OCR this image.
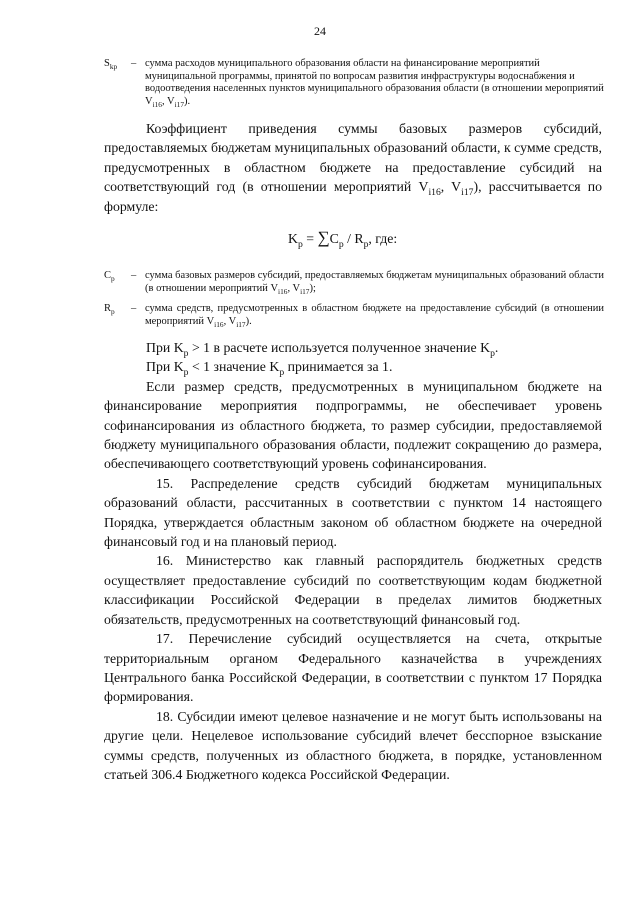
24
$S_{kp}$ – сумма расходов муниципального образования области на финансирование мероприятий муниципальной программы, принятой по вопросам развития инфраструктуры водоснабжения и водоотведения населенных пунктов муниципального образования области (в отношении мероприятий $V_{i16}$, $V_{i17}$).

Коэффициент приведения суммы базовых размеров субсидий, предоставляемых бюджетам муниципальных образований области, к сумме средств, предусмотренных в областном бюджете на предоставление субсидий на соответствующий год (в отношении мероприятий $V_{i16}$, $V_{i17}$), рассчитывается по формуле:

$K_p = \sum C_p / R_p$, где:
$C_p$ – сумма базовых размеров субсидий, предоставляемых бюджетам муниципальных образований области (в отношении мероприятий $V_{i16}$, $V_{i17}$);
$R_p$ – сумма средств, предусмотренных в областном бюджете на предоставление субсидий (в отношении мероприятий $V_{i16}$, $V_{i17}$).

При $K_p > 1$ в расчете используется полученное значение $K_p$.

При $K_p < 1$ значение $K_p$ принимается за 1.

Если размер средств, предусмотренных в муниципальном бюджете на финансирование мероприятия подпрограммы, не обеспечивает уровень софинансирования из областного бюджета, то размер субсидии, предоставляемой бюджету муниципального образования области, подлежит сокращению до размера, обеспечивающего соответствующий уровень софинансирования.

15. Распределение средств субсидий бюджетам муниципальных образований области, рассчитанных в соответствии с пунктом 14 настоящего Порядка, утверждается областным законом об областном бюджете на очередной финансовый год и на плановый период.

16. Министерство как главный распорядитель бюджетных средств осуществляет предоставление субсидий по соответствующим кодам бюджетной классификации Российской Федерации в пределах лимитов бюджетных обязательств, предусмотренных на соответствующий финансовый год.

17. Перечисление субсидий осуществляется на счета, открытые территориальным органом Федерального казначейства в учреждениях Центрального банка Российской Федерации, в соответствии с пунктом 17 Порядка формирования.

18. Субсидии имеют целевое назначение и не могут быть использованы на другие цели. Нецелевое использование субсидий влечет бесспорное взыскание суммы средств, полученных из областного бюджета, в порядке, установленном статьей 306.4 Бюджетного кодекса Российской Федерации.
